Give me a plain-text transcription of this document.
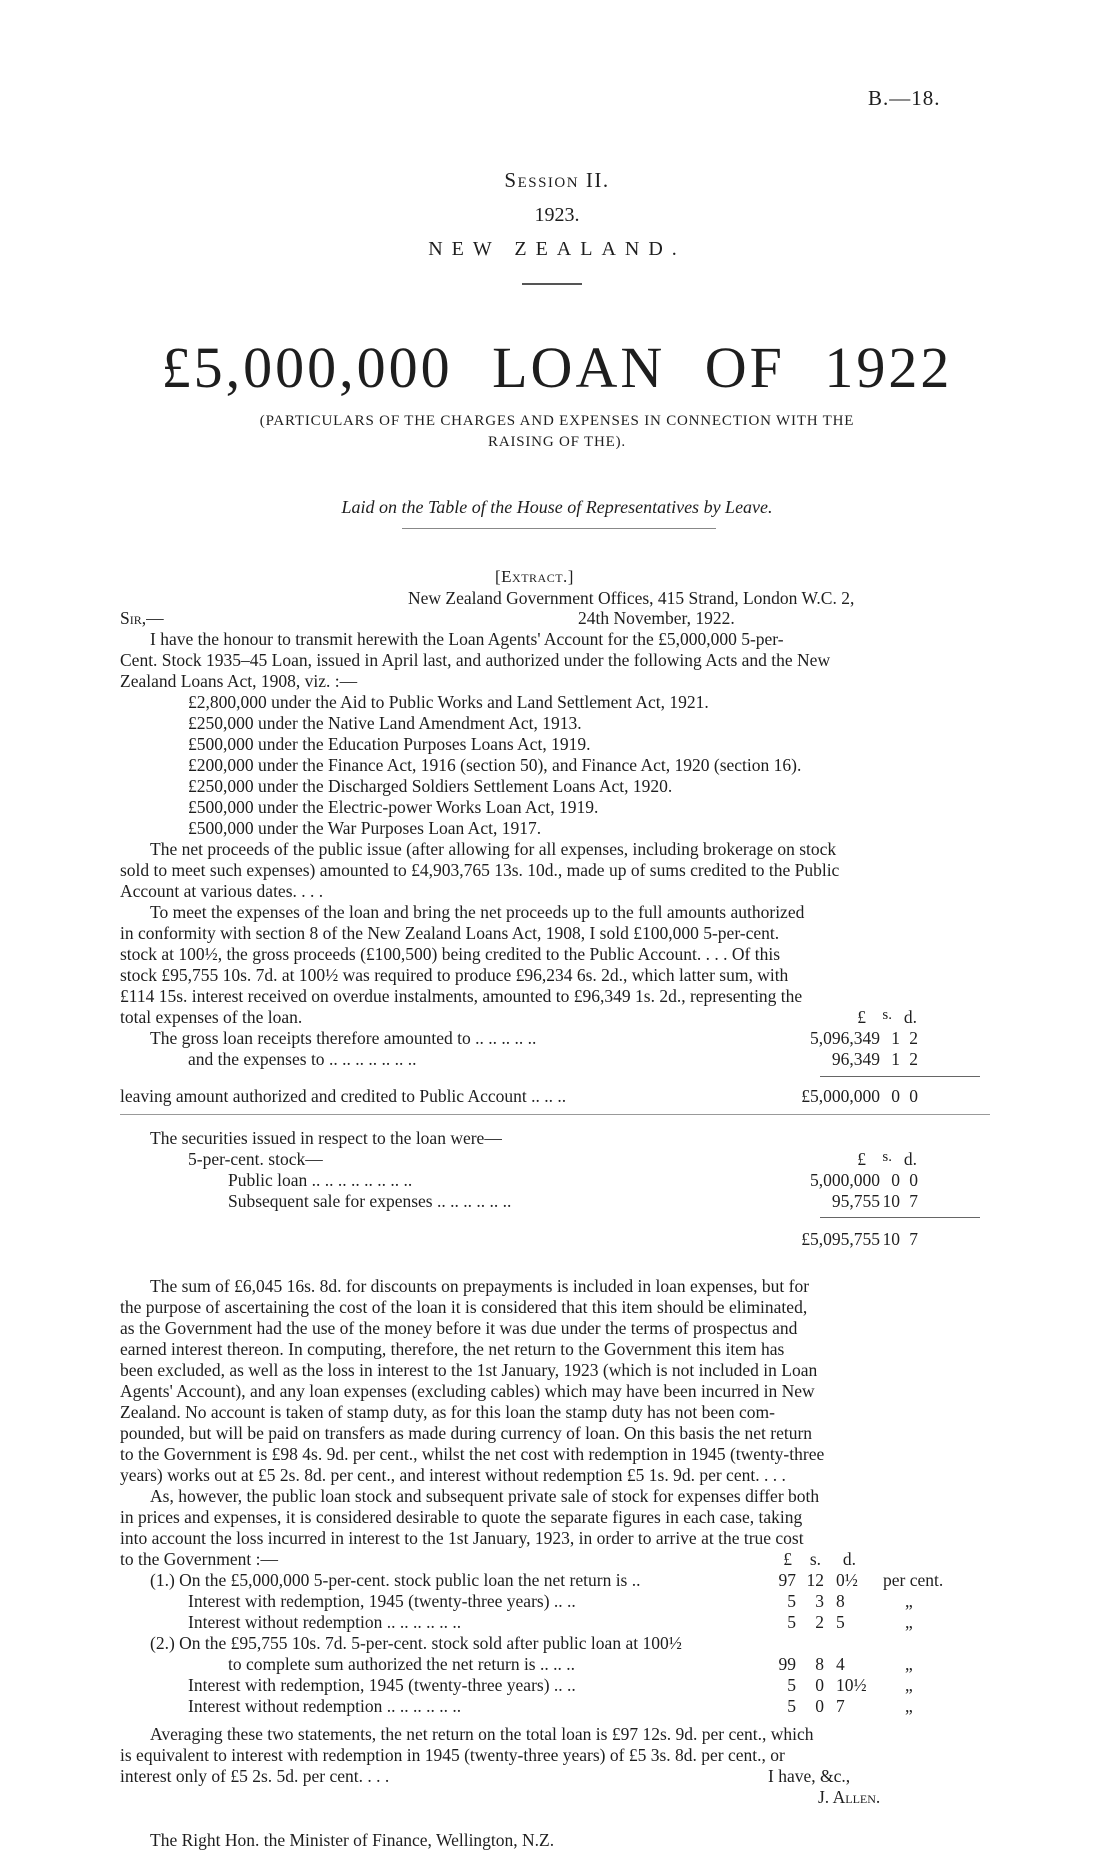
B.—18.
Session II.
1923.
NEW ZEALAND.
£5,000,000 LOAN OF 1922
(PARTICULARS OF THE CHARGES AND EXPENSES IN CONNECTION WITH THE
RAISING OF THE).
Laid on the Table of the House of Representatives by Leave.
[Extract.]
New Zealand Government Offices, 415 Strand, London W.C. 2,
Sir,—	24th November, 1922.
I have the honour to transmit herewith the Loan Agents' Account for the £5,000,000 5-per-
Cent. Stock 1935–45 Loan, issued in April last, and authorized under the following Acts and the New
Zealand Loans Act, 1908, viz. :—
£2,800,000 under the Aid to Public Works and Land Settlement Act, 1921.
£250,000 under the Native Land Amendment Act, 1913.
£500,000 under the Education Purposes Loans Act, 1919.
£200,000 under the Finance Act, 1916 (section 50), and Finance Act, 1920 (section 16).
£250,000 under the Discharged Soldiers Settlement Loans Act, 1920.
£500,000 under the Electric-power Works Loan Act, 1919.
£500,000 under the War Purposes Loan Act, 1917.
The net proceeds of the public issue (after allowing for all expenses, including brokerage on stock
sold to meet such expenses) amounted to £4,903,765 13s. 10d., made up of sums credited to the Public
Account at various dates. . . .
To meet the expenses of the loan and bring the net proceeds up to the full amounts authorized
in conformity with section 8 of the New Zealand Loans Act, 1908, I sold £100,000 5-per-cent.
stock at 100½, the gross proceeds (£100,500) being credited to the Public Account. . . . Of this
stock £95,755 10s. 7d. at 100½ was required to produce £96,234 6s. 2d., which latter sum, with
£114 15s. interest received on overdue instalments, amounted to £96,349 1s. 2d., representing the
total expenses of the loan.	£ s. d.
The gross loan receipts therefore amounted to .. .. .. .. ..	5,096,349 1 2
and the expenses to .. .. .. .. .. .. ..	96,349 1 2
leaving amount authorized and credited to Public Account .. .. ..	£5,000,000 0 0
The securities issued in respect to the loan were—
5-per-cent. stock—	£ s. d.
Public loan .. .. .. .. .. .. .. ..	5,000,000 0 0
Subsequent sale for expenses .. .. .. .. .. ..	95,755 10 7
£5,095,755 10 7
The sum of £6,045 16s. 8d. for discounts on prepayments is included in loan expenses, but for
the purpose of ascertaining the cost of the loan it is considered that this item should be eliminated,
as the Government had the use of the money before it was due under the terms of prospectus and
earned interest thereon. In computing, therefore, the net return to the Government this item has
been excluded, as well as the loss in interest to the 1st January, 1923 (which is not included in Loan
Agents' Account), and any loan expenses (excluding cables) which may have been incurred in New
Zealand. No account is taken of stamp duty, as for this loan the stamp duty has not been com-
pounded, but will be paid on transfers as made during currency of loan. On this basis the net return
to the Government is £98 4s. 9d. per cent., whilst the net cost with redemption in 1945 (twenty-three
years) works out at £5 2s. 8d. per cent., and interest without redemption £5 1s. 9d. per cent. . . .
As, however, the public loan stock and subsequent private sale of stock for expenses differ both
in prices and expenses, it is considered desirable to quote the separate figures in each case, taking
into account the loss incurred in interest to the 1st January, 1923, in order to arrive at the true cost
to the Government :—	£ s. d.
(1.) On the £5,000,000 5-per-cent. stock public loan the net return is ..	97 12 0½ per cent.
Interest with redemption, 1945 (twenty-three years) .. ..	5 3 8	„
Interest without redemption .. .. .. .. .. ..	5 2 5	„
(2.) On the £95,755 10s. 7d. 5-per-cent. stock sold after public loan at 100½
to complete sum authorized the net return is .. .. ..	99 8 4	„
Interest with redemption, 1945 (twenty-three years) .. ..	5 0 10½ „
Interest without redemption .. .. .. .. .. ..	5 0 7	„
Averaging these two statements, the net return on the total loan is £97 12s. 9d. per cent., which
is equivalent to interest with redemption in 1945 (twenty-three years) of £5 3s. 8d. per cent., or
interest only of £5 2s. 5d. per cent. . . .	I have, &c.,
J. Allen.
The Right Hon. the Minister of Finance, Wellington, N.Z.
